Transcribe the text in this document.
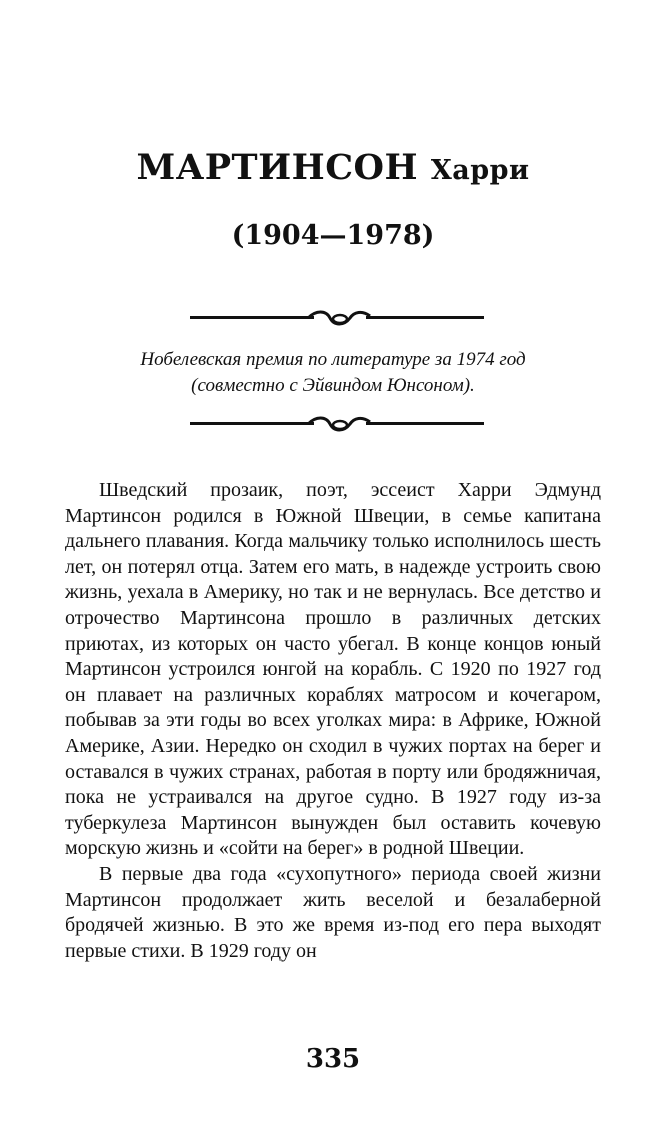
МАРТИНСОН Харри
(1904—1978)
Нобелевская премия по литературе за 1974 год
(совместно с Эйвиндом Юнсоном).

Шведский прозаик, поэт, эссеист Харри Эдмунд Мартинсон родился в Южной Швеции, в семье капитана дальнего плавания. Когда мальчику только исполнилось шесть лет, он потерял отца. Затем его мать, в надежде устроить свою жизнь, уехала в Америку, но так и не вернулась. Все детство и отрочество Мартинсона прошло в различных детских приютах, из которых он часто убегал. В конце концов юный Мартинсон устроился юнгой на корабль. С 1920 по 1927 год он плавает на различных кораблях матросом и кочегаром, побывав за эти годы во всех уголках мира: в Африке, Южной Америке, Азии. Нередко он сходил в чужих портах на берег и оставался в чужих странах, работая в порту или бродяжничая, пока не устраивался на другое судно. В 1927 году из-за туберкулеза Мартинсон вынужден был оставить кочевую морскую жизнь и «сойти на берег» в родной Швеции.

В первые два года «сухопутного» периода своей жизни Мартинсон продолжает жить веселой и безалаберной бродячей жизнью. В это же время из-под его пера выходят первые стихи. В 1929 году он

335
